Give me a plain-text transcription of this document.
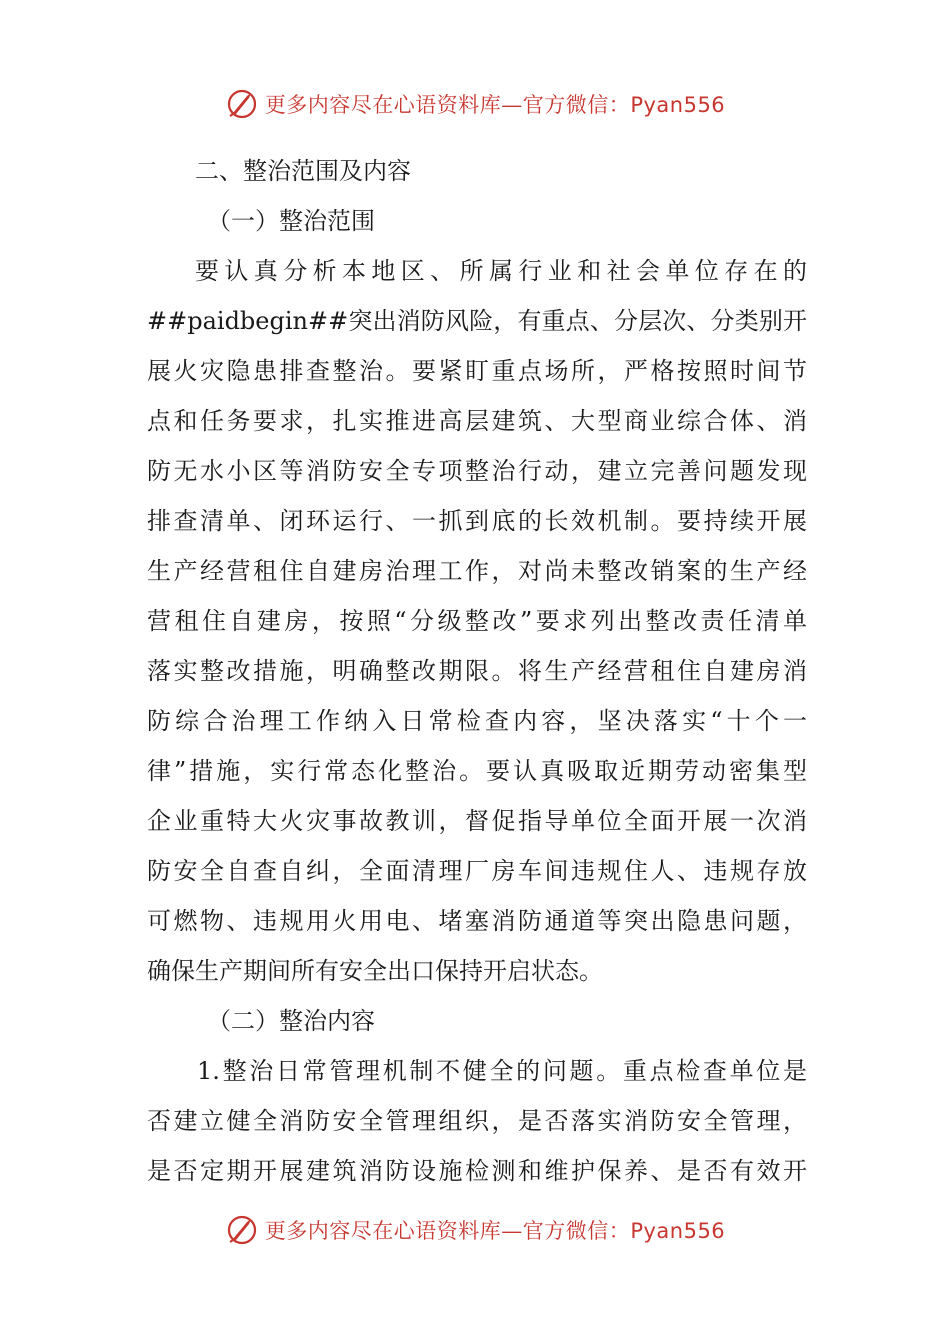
更多内容尽在心语资料库—官方微信：Pyan556
二、整治范围及内容
（一）整治范围
要认真分析本地区、所属行业和社会单位存在的
##paidbegin##突出消防风险，有重点、分层次、分类别开
展火灾隐患排查整治。要紧盯重点场所，严格按照时间节
点和任务要求，扎实推进高层建筑、大型商业综合体、消
防无水小区等消防安全专项整治行动，建立完善问题发现
排查清单、闭环运行、一抓到底的长效机制。要持续开展
生产经营租住自建房治理工作，对尚未整改销案的生产经
营租住自建房，按照“分级整改”要求列出整改责任清单
落实整改措施，明确整改期限。将生产经营租住自建房消
防综合治理工作纳入日常检查内容，坚决落实“十个一
律”措施，实行常态化整治。要认真吸取近期劳动密集型
企业重特大火灾事故教训，督促指导单位全面开展一次消
防安全自查自纠，全面清理厂房车间违规住人、违规存放
可燃物、违规用火用电、堵塞消防通道等突出隐患问题，
确保生产期间所有安全出口保持开启状态。
（二）整治内容
1.整治日常管理机制不健全的问题。重点检查单位是
否建立健全消防安全管理组织，是否落实消防安全管理，
是否定期开展建筑消防设施检测和维护保养、是否有效开
更多内容尽在心语资料库—官方微信：Pyan556
